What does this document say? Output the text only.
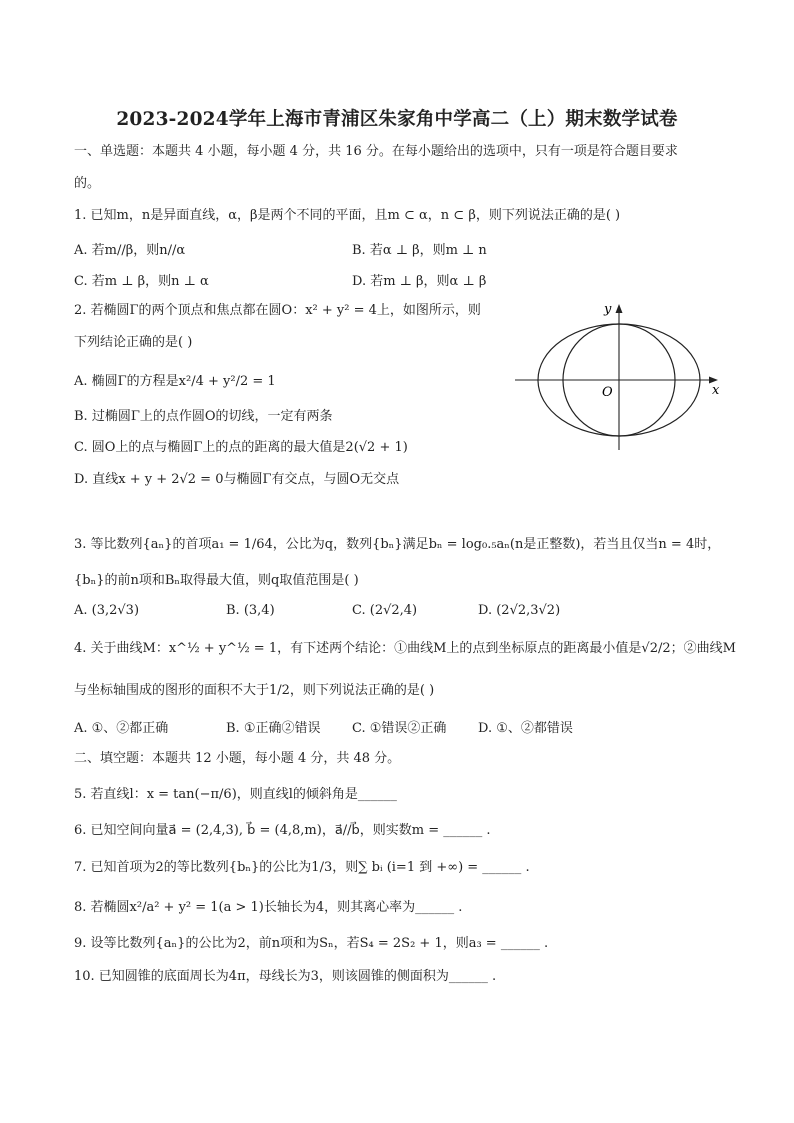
2023-2024学年上海市青浦区朱家角中学高二（上）期末数学试卷
一、单选题：本题共 4 小题，每小题 4 分，共 16 分。在每小题给出的选项中，只有一项是符合题目要求
的。
1. 已知m，n是异面直线，α，β是两个不同的平面，且m ⊂ α，n ⊂ β，则下列说法正确的是( )
A. 若m//β，则n//α	B. 若α ⊥ β，则m ⊥ n
C. 若m ⊥ β，则n ⊥ α	D. 若m ⊥ β，则α ⊥ β
2. 若椭圆Γ的两个顶点和焦点都在圆O：x² + y² = 4上，如图所示，则
下列结论正确的是( )
A. 椭圆Γ的方程是x²/4 + y²/2 = 1
B. 过椭圆Γ上的点作圆O的切线，一定有两条
C. 圆O上的点与椭圆Γ上的点的距离的最大值是2(√2 + 1)
D. 直线x + y + 2√2 = 0与椭圆Γ有交点，与圆O无交点
y
x
O
3. 等比数列{aₙ}的首项a₁ = 1/64，公比为q，数列{bₙ}满足bₙ = log₀.₅aₙ(n是正整数)，若当且仅当n = 4时，
{bₙ}的前n项和Bₙ取得最大值，则q取值范围是( )
A. (3,2√3)	B. (3,4)	C. (2√2,4)	D. (2√2,3√2)
4. 关于曲线M：x^½ + y^½ = 1，有下述两个结论：①曲线M上的点到坐标原点的距离最小值是√2/2；②曲线M
与坐标轴围成的图形的面积不大于1/2，则下列说法正确的是( )
A. ①、②都正确	B. ①正确②错误 C. ①错误②正确 D. ①、②都错误
二、填空题：本题共 12 小题，每小题 4 分，共 48 分。
5. 若直线l：x = tan(−π/6)，则直线l的倾斜角是______
6. 已知空间向量a⃗ = (2,4,3), b⃗ = (4,8,m)，a⃗//b⃗，则实数m = ______ .
7. 已知首项为2的等比数列{bₙ}的公比为1/3，则∑ bᵢ (i=1 到 +∞) = ______ .
8. 若椭圆x²/a² + y² = 1(a > 1)长轴长为4，则其离心率为______ .
9. 设等比数列{aₙ}的公比为2，前n项和为Sₙ，若S₄ = 2S₂ + 1，则a₃ = ______ .
10. 已知圆锥的底面周长为4π，母线长为3，则该圆锥的侧面积为______ .
